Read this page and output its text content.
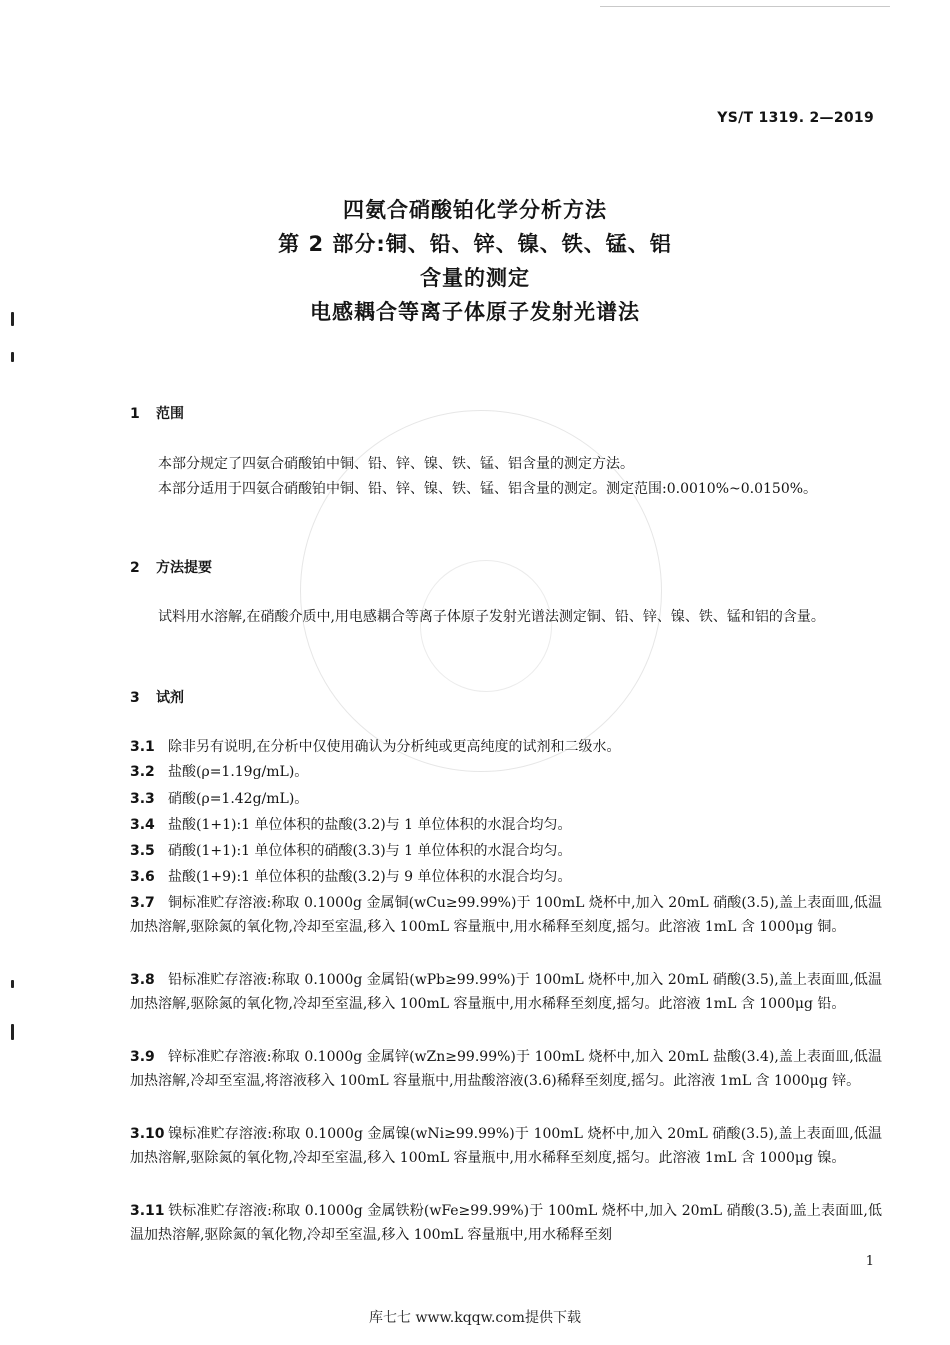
YS/T 1319. 2—2019
四氨合硝酸铂化学分析方法
第 2 部分:铜、铅、锌、镍、铁、锰、铝
含量的测定
电感耦合等离子体原子发射光谱法
1 范围
本部分规定了四氨合硝酸铂中铜、铅、锌、镍、铁、锰、铝含量的测定方法。
本部分适用于四氨合硝酸铂中铜、铅、锌、镍、铁、锰、铝含量的测定。测定范围:0.0010%~0.0150%。
2 方法提要
试料用水溶解,在硝酸介质中,用电感耦合等离子体原子发射光谱法测定铜、铅、锌、镍、铁、锰和铝的含量。
3 试剂
3.1 除非另有说明,在分析中仅使用确认为分析纯或更高纯度的试剂和二级水。
3.2 盐酸(ρ=1.19g/mL)。
3.3 硝酸(ρ=1.42g/mL)。
3.4 盐酸(1+1):1 单位体积的盐酸(3.2)与 1 单位体积的水混合均匀。
3.5 硝酸(1+1):1 单位体积的硝酸(3.3)与 1 单位体积的水混合均匀。
3.6 盐酸(1+9):1 单位体积的盐酸(3.2)与 9 单位体积的水混合均匀。
3.7 铜标准贮存溶液:称取 0.1000g 金属铜(wCu≥99.99%)于 100mL 烧杯中,加入 20mL 硝酸(3.5),盖上表面皿,低温加热溶解,驱除氮的氧化物,冷却至室温,移入 100mL 容量瓶中,用水稀释至刻度,摇匀。此溶液 1mL 含 1000μg 铜。
3.8 铅标准贮存溶液:称取 0.1000g 金属铅(wPb≥99.99%)于 100mL 烧杯中,加入 20mL 硝酸(3.5),盖上表面皿,低温加热溶解,驱除氮的氧化物,冷却至室温,移入 100mL 容量瓶中,用水稀释至刻度,摇匀。此溶液 1mL 含 1000μg 铅。
3.9 锌标准贮存溶液:称取 0.1000g 金属锌(wZn≥99.99%)于 100mL 烧杯中,加入 20mL 盐酸(3.4),盖上表面皿,低温加热溶解,冷却至室温,将溶液移入 100mL 容量瓶中,用盐酸溶液(3.6)稀释至刻度,摇匀。此溶液 1mL 含 1000μg 锌。
3.10 镍标准贮存溶液:称取 0.1000g 金属镍(wNi≥99.99%)于 100mL 烧杯中,加入 20mL 硝酸(3.5),盖上表面皿,低温加热溶解,驱除氮的氧化物,冷却至室温,移入 100mL 容量瓶中,用水稀释至刻度,摇匀。此溶液 1mL 含 1000μg 镍。
3.11 铁标准贮存溶液:称取 0.1000g 金属铁粉(wFe≥99.99%)于 100mL 烧杯中,加入 20mL 硝酸(3.5),盖上表面皿,低温加热溶解,驱除氮的氧化物,冷却至室温,移入 100mL 容量瓶中,用水稀释至刻
1
库七七 www.kqqw.com提供下载
